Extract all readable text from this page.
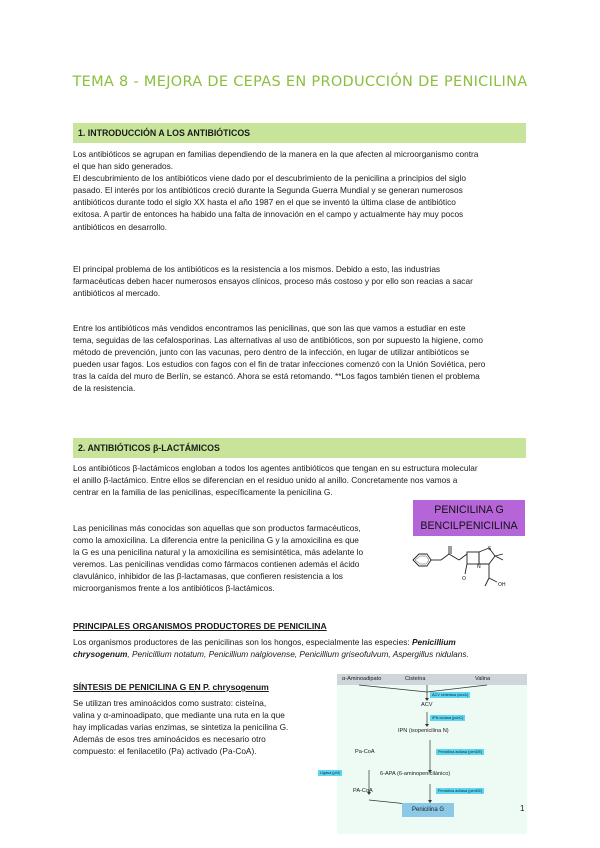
TEMA 8 - MEJORA DE CEPAS EN PRODUCCIÓN DE PENICILINA
1. INTRODUCCIÓN A LOS ANTIBIÓTICOS
Los antibióticos se agrupan en familias dependiendo de la manera en la que afecten al microorganismo contra
el que han sido generados.
El descubrimiento de los antibióticos viene dado por el descubrimiento de la penicilina a principios del siglo
pasado. El interés por los antibióticos creció durante la Segunda Guerra Mundial y se generan numerosos
antibióticos durante todo el siglo XX hasta el año 1987 en el que se inventó la última clase de antibiótico
exitosa. A partir de entonces ha habido una falta de innovación en el campo y actualmente hay muy pocos
antibióticos en desarrollo.
El principal problema de los antibióticos es la resistencia a los mismos. Debido a esto, las industrias
farmacéuticas deben hacer numerosos ensayos clínicos, proceso más costoso y por ello son reacias a sacar
antibióticos al mercado.
Entre los antibióticos más vendidos encontramos las penicilinas, que son las que vamos a estudiar en este
tema, seguidas de las cefalosporinas. Las alternativas al uso de antibióticos, son por supuesto la higiene, como
método de prevención, junto con las vacunas, pero dentro de la infección, en lugar de utilizar antibióticos se
pueden usar fagos. Los estudios con fagos con el fin de tratar infecciones comenzó con la Unión Soviética, pero
tras la caída del muro de Berlín, se estancó. Ahora se está retomando. **Los fagos también tienen el problema
de la resistencia.
2. ANTIBIÓTICOS β-LACTÁMICOS
Los antibióticos β-lactámicos engloban a todos los agentes antibióticos que tengan en su estructura molecular
el anillo β-lactámico. Entre ellos se diferencian en el residuo unido al anillo. Concretamente nos vamos a
centrar en la familia de las penicilinas, específicamente la penicilina G.
Las penicilinas más conocidas son aquellas que son productos farmacéuticos,
como la amoxicilina. La diferencia entre la penicilina G y la amoxicilina es que
la G es una penicilina natural y la amoxicilina es semisintética, más adelante lo
veremos. Las penicilinas vendidas como fármacos contienen además el ácido
clavulánico, inhibidor de las β-lactamasas, que confieren resistencia a los
microorganismos frente a los antibióticos β-lactámicos.
PENICILINA G
BENCILPENICILINA
S
N
O
OH
PRINCIPALES ORGANISMOS PRODUCTORES DE PENICILINA
Los organismos productores de las penicilinas son los hongos, especialmente las especies: Penicillium
chrysogenum, Penicillium notatum, Penicillium nalgiovense, Penicillium griseofulvum, Aspergillus nidulans.
SÍNTESIS DE PENICILINA G EN P. chrysogenum
Se utilizan tres aminoácidos como sustrato: cisteína,
valina y α-aminoadipato, que mediante una ruta en la que
hay implicadas varias enzimas, se sintetiza la penicilina G.
Además de esos tres aminoácidos es necesario otro
compuesto: el fenilacetilo (Pa) activado (Pa-CoA).
α-Aminoadipato	Cisteína	Valina
ACV sintetasa (acvA)
ACV
IPN ciclasa (pcbC)
IPN (isopenicilina N)
Pa-CoA	Penicilina acilasa (penDE)
Ligasa (phl)	6-APA (6-aminopenicilánico)
PA-CoA	Penicilina acilasa (penDE)
Penicilina G	1
